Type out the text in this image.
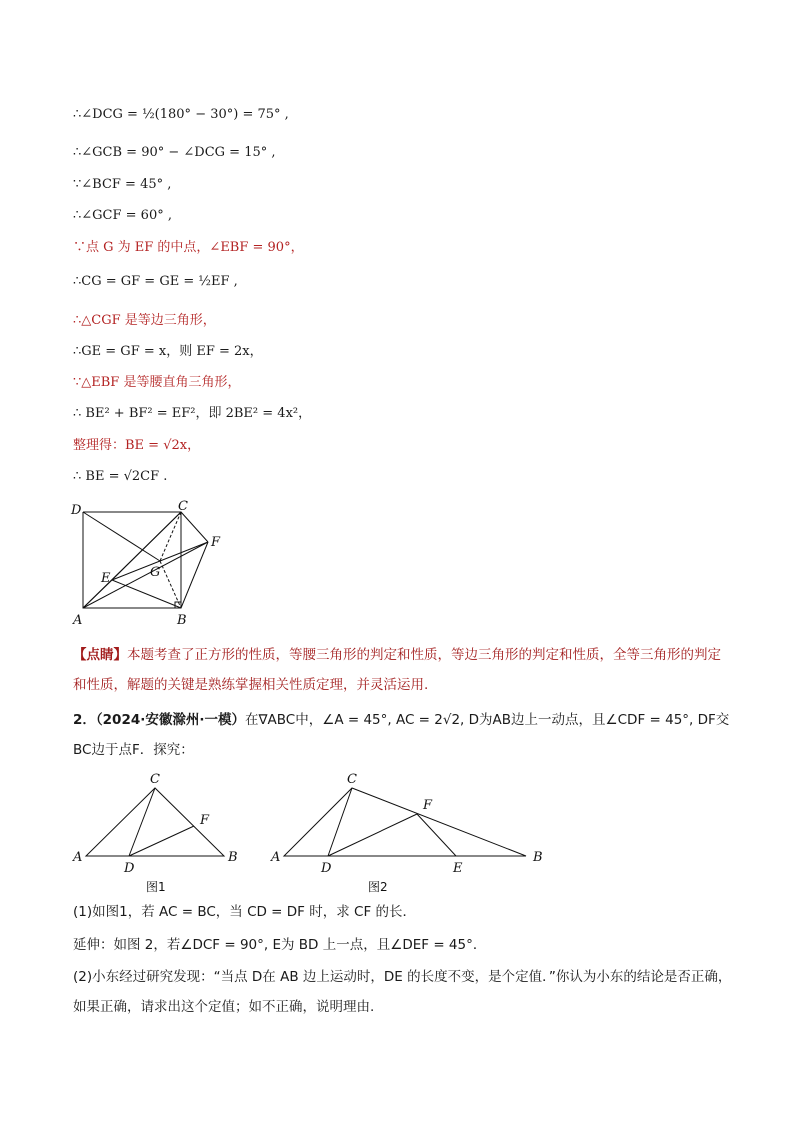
∴∠DCG = ½(180° − 30°) = 75° ,
∴∠GCB = 90° − ∠DCG = 15° ,
∵∠BCF = 45° ,
∴∠GCF = 60° ,
∵点 G 为 EF 的中点，∠EBF = 90°，
∴CG = GF = GE = ½EF ,
∴△CGF 是等边三角形，
∴GE = GF = x，则 EF = 2x，
∵△EBF 是等腰直角三角形，
∴ BE² + BF² = EF²，即 2BE² = 4x²，
整理得：BE = √2x，
∴ BE = √2CF .
D	C
F
E	G
A	B
【点睛】本题考查了正方形的性质，等腰三角形的判定和性质，等边三角形的判定和性质，全等三角形的判定和性质，解题的关键是熟练掌握相关性质定理，并灵活运用.
2．（2024·安徽滁州·一模）在∇ABC中，∠A = 45°, AC = 2√2, D为AB边上一动点，且∠CDF = 45°, DF交BC边于点F．探究：
C
F
A
D
B
图1
C
F
A
D	E
B
图2
(1)如图1，若 AC = BC，当 CD = DF 时，求 CF 的长．
延伸：如图 2，若∠DCF = 90°, E为 BD 上一点，且∠DEF = 45°．
(2)小东经过研究发现：“当点 D在 AB 边上运动时，DE 的长度不变，是个定值．”你认为小东的结论是否正确，如果正确，请求出这个定值；如不正确，说明理由.
